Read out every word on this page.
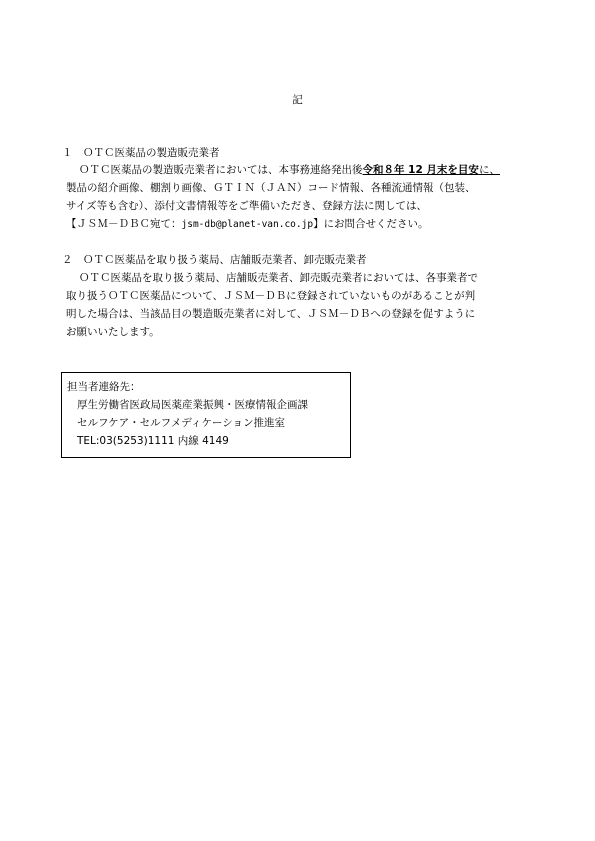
記
１　ＯＴＣ医薬品の製造販売業者
ＯＴＣ医薬品の製造販売業者においては、本事務連絡発出後令和８年 12 月末を目安に、
製品の紹介画像、棚割り画像、ＧＴＩＮ（ＪＡＮ）コード情報、各種流通情報（包装、
サイズ等も含む）、添付文書情報等をご準備いただき、登録方法に関しては、
【ＪＳＭ－ＤＢＣ宛て：jsm-db@planet-van.co.jp】にお問合せください。
２　ＯＴＣ医薬品を取り扱う薬局、店舗販売業者、卸売販売業者
ＯＴＣ医薬品を取り扱う薬局、店舗販売業者、卸売販売業者においては、各事業者で
取り扱うＯＴＣ医薬品について、ＪＳＭ－ＤＢに登録されていないものがあることが判
明した場合は、当該品目の製造販売業者に対して、ＪＳＭ－ＤＢへの登録を促すように
お願いいたします。
担当者連絡先：
厚生労働省医政局医薬産業振興・医療情報企画課
セルフケア・セルフメディケーション推進室
TEL:03(5253)1111 内線 4149
